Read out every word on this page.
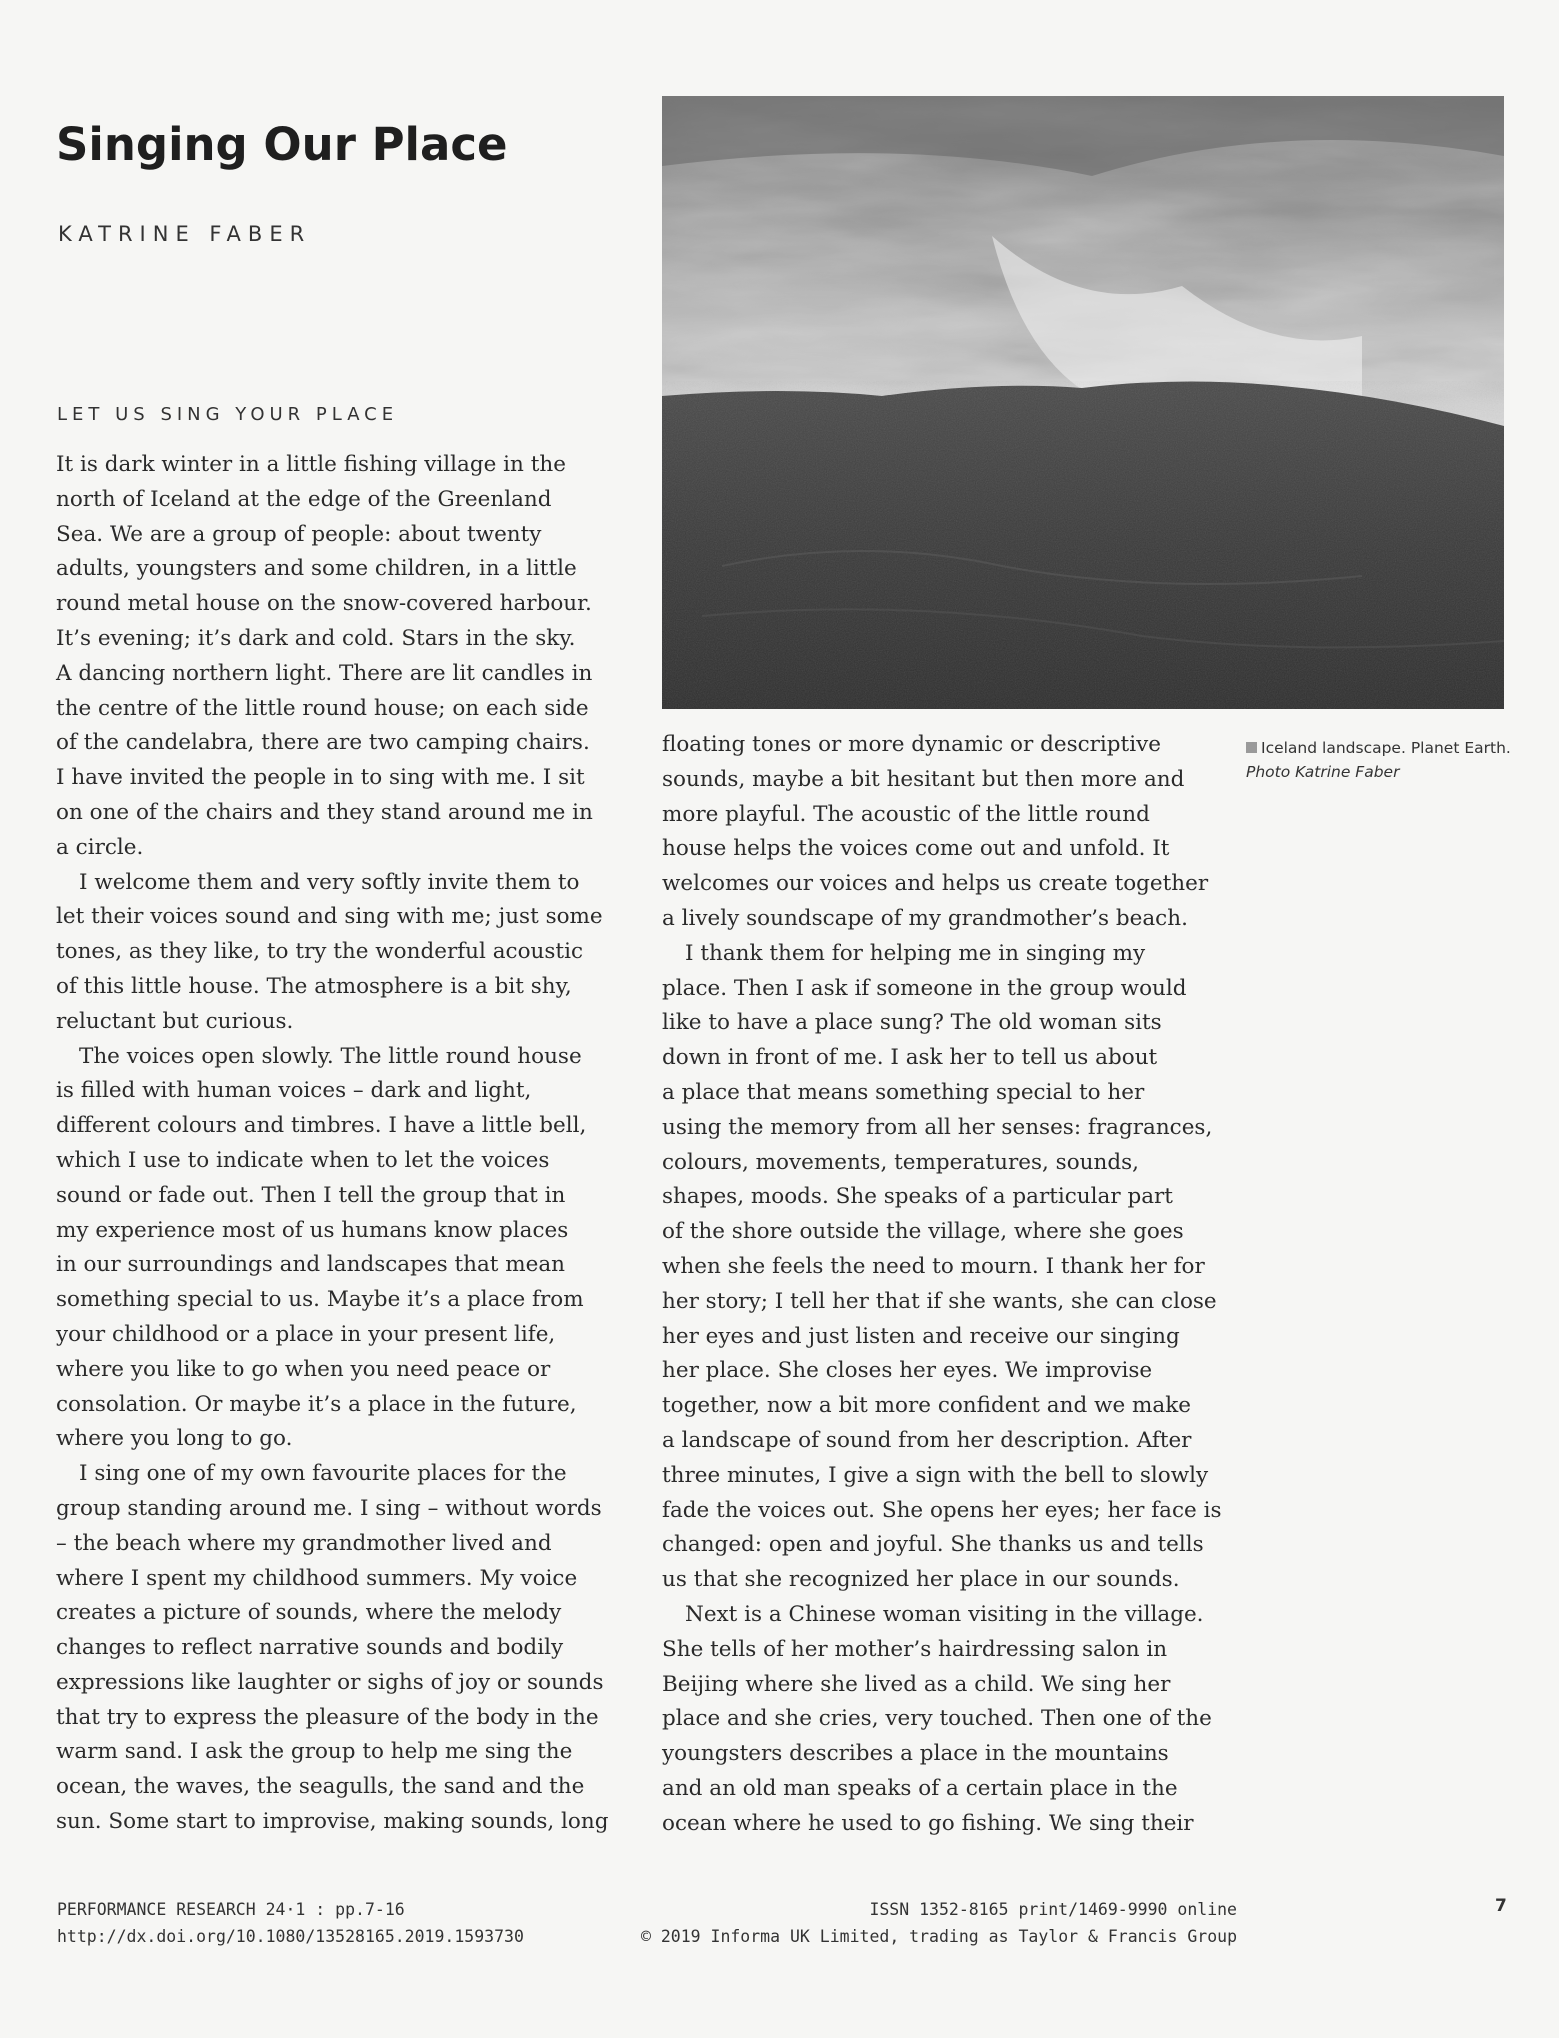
Singing Our Place
KATRINE FABER
LET US SING YOUR PLACE
Iceland landscape. Planet Earth. Photo Katrine Faber

It is dark winter in a little fishing village in the
north of Iceland at the edge of the Greenland
Sea. We are a group of people: about twenty
adults, youngsters and some children, in a little
round metal house on the snow-covered harbour.
It’s evening; it’s dark and cold. Stars in the sky.
A dancing northern light. There are lit candles in
the centre of the little round house; on each side
of the candelabra, there are two camping chairs.
I have invited the people in to sing with me. I sit
on one of the chairs and they stand around me in
a circle.

I welcome them and very softly invite them to
let their voices sound and sing with me; just some
tones, as they like, to try the wonderful acoustic
of this little house. The atmosphere is a bit shy,
reluctant but curious.

The voices open slowly. The little round house
is filled with human voices – dark and light,
different colours and timbres. I have a little bell,
which I use to indicate when to let the voices
sound or fade out. Then I tell the group that in
my experience most of us humans know places
in our surroundings and landscapes that mean
something special to us. Maybe it’s a place from
your childhood or a place in your present life,
where you like to go when you need peace or
consolation. Or maybe it’s a place in the future,
where you long to go.

I sing one of my own favourite places for the
group standing around me. I sing – without words
– the beach where my grandmother lived and
where I spent my childhood summers. My voice
creates a picture of sounds, where the melody
changes to reflect narrative sounds and bodily
expressions like laughter or sighs of joy or sounds
that try to express the pleasure of the body in the
warm sand. I ask the group to help me sing the
ocean, the waves, the seagulls, the sand and the
sun. Some start to improvise, making sounds, long

floating tones or more dynamic or descriptive
sounds, maybe a bit hesitant but then more and
more playful. The acoustic of the little round
house helps the voices come out and unfold. It
welcomes our voices and helps us create together
a lively soundscape of my grandmother’s beach.

I thank them for helping me in singing my
place. Then I ask if someone in the group would
like to have a place sung? The old woman sits
down in front of me. I ask her to tell us about
a place that means something special to her
using the memory from all her senses: fragrances,
colours, movements, temperatures, sounds,
shapes, moods. She speaks of a particular part
of the shore outside the village, where she goes
when she feels the need to mourn. I thank her for
her story; I tell her that if she wants, she can close
her eyes and just listen and receive our singing
her place. She closes her eyes. We improvise
together, now a bit more confident and we make
a landscape of sound from her description. After
three minutes, I give a sign with the bell to slowly
fade the voices out. She opens her eyes; her face is
changed: open and joyful. She thanks us and tells
us that she recognized her place in our sounds.

Next is a Chinese woman visiting in the village.
She tells of her mother’s hairdressing salon in
Beijing where she lived as a child. We sing her
place and she cries, very touched. Then one of the
youngsters describes a place in the mountains
and an old man speaks of a certain place in the
ocean where he used to go fishing. We sing their

PERFORMANCE RESEARCH 24·1 : pp.7-16
http://dx.doi.org/10.1080/13528165.2019.1593730
ISSN 1352-8165 print/1469-9990 online
© 2019 Informa UK Limited, trading as Taylor & Francis Group
7
